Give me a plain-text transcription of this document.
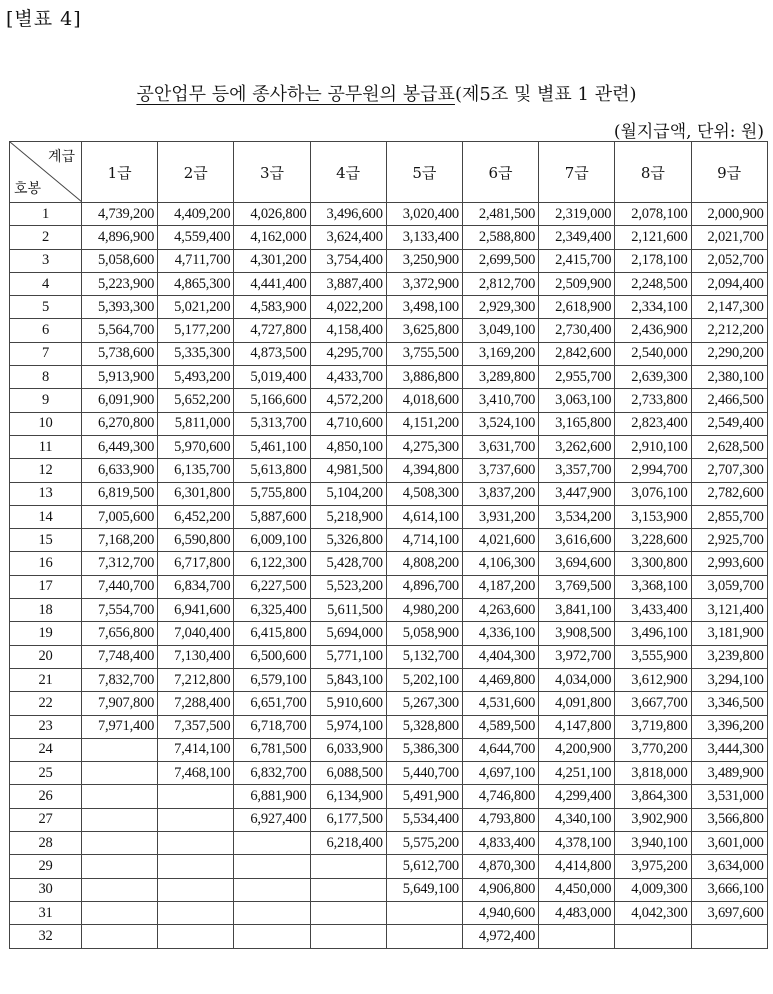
[별표 4]
공안업무 등에 종사하는 공무원의 봉급표(제5조 및 별표 1 관련)
(월지급액, 단위: 원)
계급
호봉	1급	2급	3급	4급	5급	6급	7급	8급	9급
1	4,739,200	4,409,200	4,026,800	3,496,600	3,020,400	2,481,500	2,319,000	2,078,100	2,000,900
2	4,896,900	4,559,400	4,162,000	3,624,400	3,133,400	2,588,800	2,349,400	2,121,600	2,021,700
3	5,058,600	4,711,700	4,301,200	3,754,400	3,250,900	2,699,500	2,415,700	2,178,100	2,052,700
4	5,223,900	4,865,300	4,441,400	3,887,400	3,372,900	2,812,700	2,509,900	2,248,500	2,094,400
5	5,393,300	5,021,200	4,583,900	4,022,200	3,498,100	2,929,300	2,618,900	2,334,100	2,147,300
6	5,564,700	5,177,200	4,727,800	4,158,400	3,625,800	3,049,100	2,730,400	2,436,900	2,212,200
7	5,738,600	5,335,300	4,873,500	4,295,700	3,755,500	3,169,200	2,842,600	2,540,000	2,290,200
8	5,913,900	5,493,200	5,019,400	4,433,700	3,886,800	3,289,800	2,955,700	2,639,300	2,380,100
9	6,091,900	5,652,200	5,166,600	4,572,200	4,018,600	3,410,700	3,063,100	2,733,800	2,466,500
10	6,270,800	5,811,000	5,313,700	4,710,600	4,151,200	3,524,100	3,165,800	2,823,400	2,549,400
11	6,449,300	5,970,600	5,461,100	4,850,100	4,275,300	3,631,700	3,262,600	2,910,100	2,628,500
12	6,633,900	6,135,700	5,613,800	4,981,500	4,394,800	3,737,600	3,357,700	2,994,700	2,707,300
13	6,819,500	6,301,800	5,755,800	5,104,200	4,508,300	3,837,200	3,447,900	3,076,100	2,782,600
14	7,005,600	6,452,200	5,887,600	5,218,900	4,614,100	3,931,200	3,534,200	3,153,900	2,855,700
15	7,168,200	6,590,800	6,009,100	5,326,800	4,714,100	4,021,600	3,616,600	3,228,600	2,925,700
16	7,312,700	6,717,800	6,122,300	5,428,700	4,808,200	4,106,300	3,694,600	3,300,800	2,993,600
17	7,440,700	6,834,700	6,227,500	5,523,200	4,896,700	4,187,200	3,769,500	3,368,100	3,059,700
18	7,554,700	6,941,600	6,325,400	5,611,500	4,980,200	4,263,600	3,841,100	3,433,400	3,121,400
19	7,656,800	7,040,400	6,415,800	5,694,000	5,058,900	4,336,100	3,908,500	3,496,100	3,181,900
20	7,748,400	7,130,400	6,500,600	5,771,100	5,132,700	4,404,300	3,972,700	3,555,900	3,239,800
21	7,832,700	7,212,800	6,579,100	5,843,100	5,202,100	4,469,800	4,034,000	3,612,900	3,294,100
22	7,907,800	7,288,400	6,651,700	5,910,600	5,267,300	4,531,600	4,091,800	3,667,700	3,346,500
23	7,971,400	7,357,500	6,718,700	5,974,100	5,328,800	4,589,500	4,147,800	3,719,800	3,396,200
24		7,414,100	6,781,500	6,033,900	5,386,300	4,644,700	4,200,900	3,770,200	3,444,300
25		7,468,100	6,832,700	6,088,500	5,440,700	4,697,100	4,251,100	3,818,000	3,489,900
26			6,881,900	6,134,900	5,491,900	4,746,800	4,299,400	3,864,300	3,531,000
27			6,927,400	6,177,500	5,534,400	4,793,800	4,340,100	3,902,900	3,566,800
28				6,218,400	5,575,200	4,833,400	4,378,100	3,940,100	3,601,000
29					5,612,700	4,870,300	4,414,800	3,975,200	3,634,000
30					5,649,100	4,906,800	4,450,000	4,009,300	3,666,100
31						4,940,600	4,483,000	4,042,300	3,697,600
32						4,972,400			
